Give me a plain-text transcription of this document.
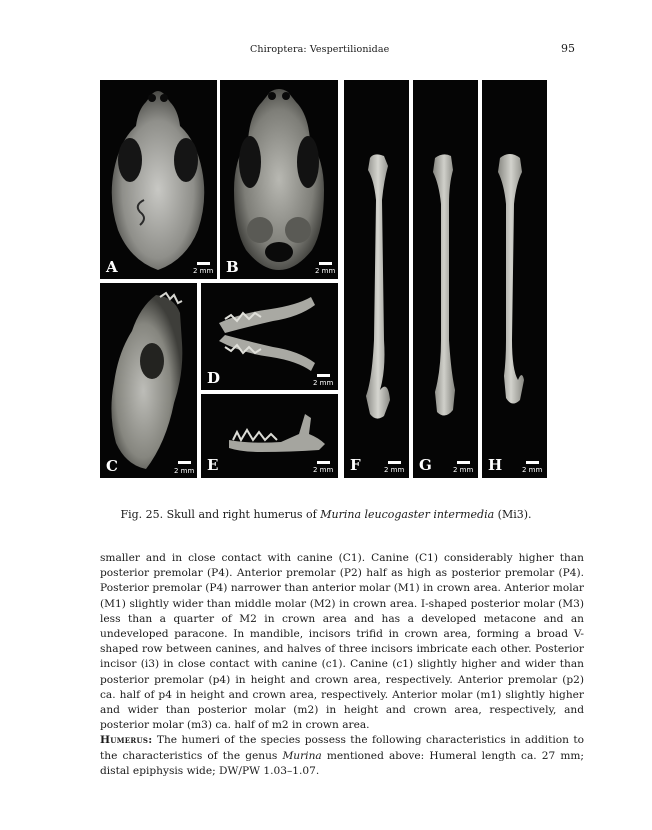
Chiroptera: Vespertilionidae	95
A	2 mm B	2 mm
C	2 mm
D	2 mm
E	2 mm F	2 mm G	2 mm H	2 mm
Fig. 25. Skull and right humerus of Murina leucogaster intermedia (Mi3).

smaller and in close contact with canine (C1). Canine (C1) considerably higher than posterior premolar (P4). Anterior premolar (P2) half as high as posterior premolar (P4). Posterior premolar (P4) narrower than anterior molar (M1) in crown area. Anterior molar (M1) slightly wider than middle molar (M2) in crown area. I-shaped posterior molar (M3) less than a quarter of M2 in crown area and has a developed metacone and an undeveloped paracone. In mandible, incisors trifid in crown area, forming a broad V-shaped row between canines, and halves of three incisors imbricate each other. Posterior incisor (i3) in close contact with canine (c1). Canine (c1) slightly higher and wider than posterior premolar (p4) in height and crown area, respectively. Anterior premolar (p2) ca. half of p4 in height and crown area, respectively. Anterior molar (m1) slightly higher and wider than posterior molar (m2) in height and crown area, respectively, and posterior molar (m3) ca. half of m2 in crown area.

Humerus: The humeri of the species possess the following characteristics in addition to the characteristics of the genus Murina mentioned above: Humeral length ca. 27 mm; distal epiphysis wide; DW/PW 1.03–1.07.
